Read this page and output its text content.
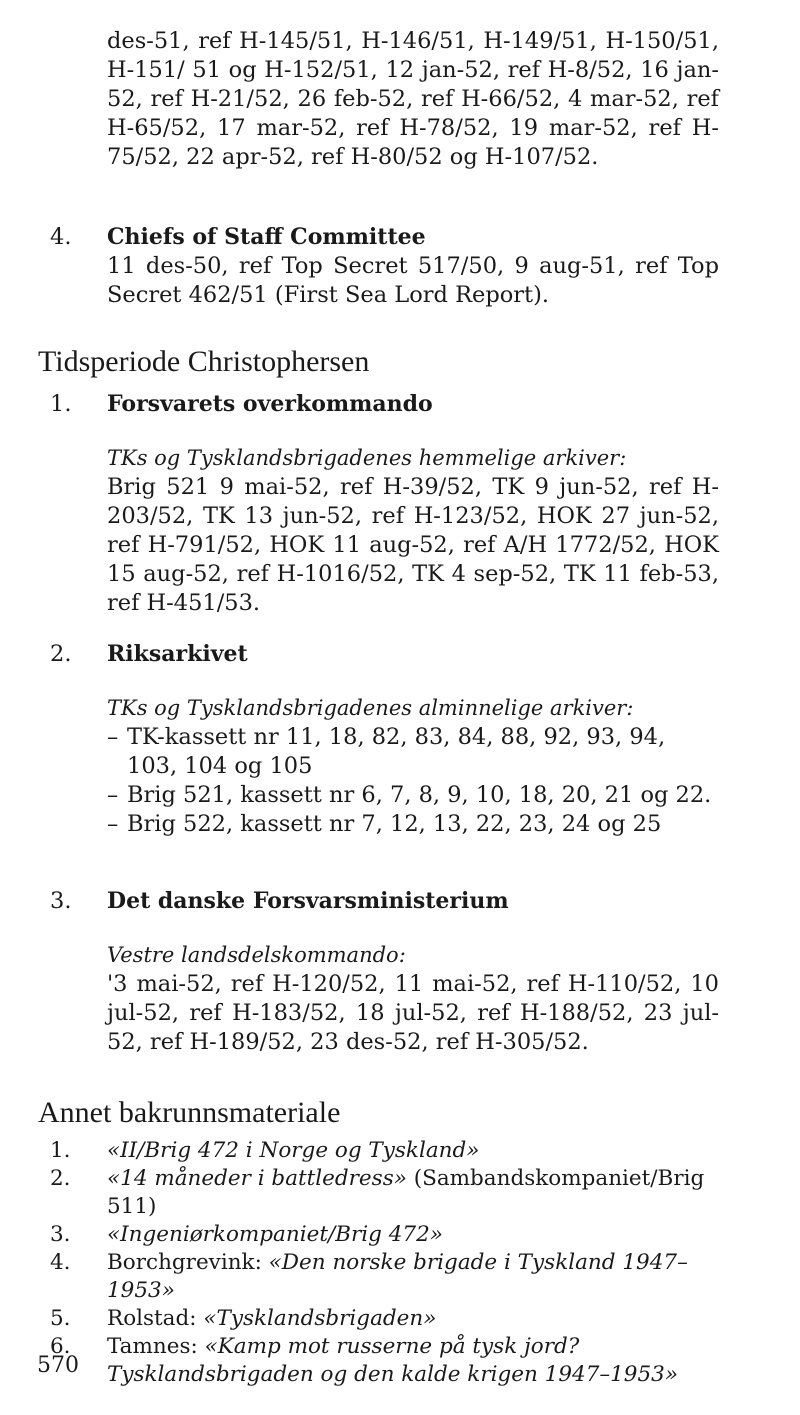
des-51, ref H-145/51, H-146/51, H-149/51, H-150/51, H-151/ 51 og H-152/51, 12 jan-52, ref H-8/52, 16 jan-52, ref H-21/52, 26 feb-52, ref H-66/52, 4 mar-52, ref H-65/52, 17 mar-52, ref H-78/52, 19 mar-52, ref H-75/52, 22 apr-52, ref H-80/52 og H-107/52.
4. Chiefs of Staff Committee
11 des-50, ref Top Secret 517/50, 9 aug-51, ref Top Secret 462/51 (First Sea Lord Report).
Tidsperiode Christophersen
1. Forsvarets overkommando
TKs og Tysklandsbrigadenes hemmelige arkiver:
Brig 521 9 mai-52, ref H-39/52, TK 9 jun-52, ref H-203/52, TK 13 jun-52, ref H-123/52, HOK 27 jun-52, ref H-791/52, HOK 11 aug-52, ref A/H 1772/52, HOK 15 aug-52, ref H-1016/52, TK 4 sep-52, TK 11 feb-53, ref H-451/53.
2. Riksarkivet
TKs og Tysklandsbrigadenes alminnelige arkiver:
– TK-kassett nr 11, 18, 82, 83, 84, 88, 92, 93, 94, 103, 104 og 105
– Brig 521, kassett nr 6, 7, 8, 9, 10, 18, 20, 21 og 22.
– Brig 522, kassett nr 7, 12, 13, 22, 23, 24 og 25
3. Det danske Forsvarsministerium
Vestre landsdelskommando:
'3 mai-52, ref H-120/52, 11 mai-52, ref H-110/52, 10 jul-52, ref H-183/52, 18 jul-52, ref H-188/52, 23 jul-52, ref H-189/52, 23 des-52, ref H-305/52.
Annet bakrunnsmateriale
1. «II/Brig 472 i Norge og Tyskland»
2. «14 måneder i battledress» (Sambandskompaniet/Brig 511)
3. «Ingeniørkompaniet/Brig 472»
4. Borchgrevink: «Den norske brigade i Tyskland 1947–1953»
5. Rolstad: «Tysklandsbrigaden»
6. Tamnes: «Kamp mot russerne på tysk jord? Tysklandsbrigaden og den kalde krigen 1947–1953»
570
